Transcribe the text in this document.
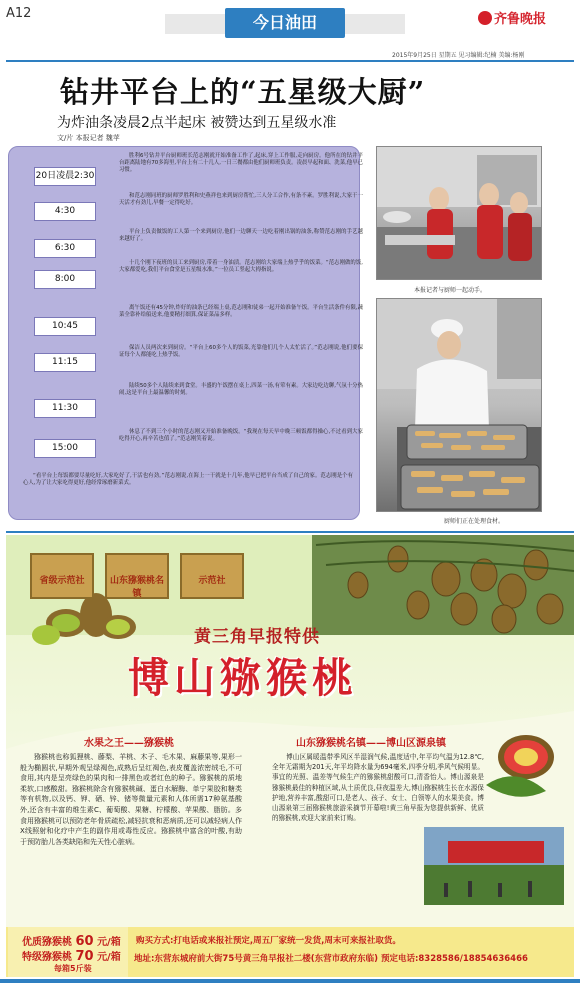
A12	今日油田	齐鲁晚报
2015年9月25日 星期五 见习编辑:纪楠 美编:杨刚
钻井平台上的“五星级大厨”
为炸油条凌晨2点半起床 被赞达到五星级水准
文/片 本报记者 魏苹
20日凌晨2:30
胜利6号钻井平台厨师班长范志刚就开始准备工作了,起床,穿上工作服,走向厨房。他所在的钻井平台距离陆地有70多海里,平台上有二十几人,一日三餐都由他们厨师班负责。凌晨早起和面、洗菜,他早已习惯。
4:30
和范志刚同班的厨师罗胜利和史燕祥也来到厨房帮忙,三人分工合作,有条不紊。罗胜利说,大家干一天活才有劲儿,早餐一定得吃好。
6:30
平台上负责做饭的工人第一个来到厨房,他们一边聊天一边吃着刚出锅的油条,称赞范志刚的手艺越来越好了。
8:00
十几个刚下夜班的员工来到厨房,带着一身油渍。范志刚给大家端上热乎乎的饭菜。“范志刚做的饭,大家都爱吃,我们平台食堂是五星级水准。”一位员工竖起大拇指说。
10:45
离午饭还有45分钟,炸好的油条已经端上桌,范志刚和徒弟一起开始准备午饭。平台生活条件有限,蔬菜全靠补给船送来,他要精打细算,保证菜品多样。
11:15
保洁人员两次来到厨房。“平台上60多个人的饭菜,光靠他们几个人太忙活了。”范志刚说,他们要保证每个人都能吃上热乎饭。
11:30
陆续50多个人陆续来到食堂。丰盛的午饭摆在桌上,四菜一汤,有荤有素。大家边吃边聊,气氛十分热闹,这是平台上最温馨的时刻。
15:00
休息了不到三个小时的范志刚又开始准备晚饭。“我现在每天早中晚三顿饭都得操心,不过看到大家吃得开心,再辛苦也值了。”范志刚笑着说。
“看平台上每饭都要尽量吃好,大家吃好了,干活也有劲。”范志刚说,在海上一干就是十几年,他早已把平台当成了自己的家。范志刚是个有心人,为了让大家吃得更好,他经常琢磨新菜式。
本报记者与厨师一起动手。
厨师们正在处理食材。
省级示范社	山东猕猴桃名镇
示范社
黄三角早报特供
博山猕猴桃
水果之王——猕猴桃
猕猴桃也称狐狸桃、藤梨、羊桃、木子、毛木果、麻藤果等,果形一般为椭圆状,早期外观呈绿褐色,成熟后呈红褐色,表皮覆盖浓密绒毛,不可食用,其内是呈亮绿色的果肉和一排黑色或者红色的种子。猕猴桃的质地柔软,口感酸甜。猕猴桃除含有猕猴桃碱、蛋白水解酶、单宁果胶和糖类等有机物,以及钙、钾、硒、锌、锗等微量元素和人体所需17种氨基酸外,还含有丰富的维生素C、葡萄酸、果糖、柠檬酸、苹果酸、脂肪。多食用猕猴桃可以预防老年骨质疏松,减轻抗衰和恶病质,还可以减轻病人作X线照射和化疗中产生的副作用或毒性反应。猕猴桃中富含的叶酸,有助于预防胎儿各类缺陷和先天性心脏病。
山东猕猴桃名镇——博山区源泉镇
博山区属暖温带季风区半湿润气候,温度适中,年平均气温为12.8℃,全年无霜期为201天,年平均降水量为694毫米,四季分明,季风气候明显。事宜的光照、温差等气候生产的猕猴桃甜酸可口,清香怡人。博山源泉是猕猴桃最佳的种植区域,从土质优良,昼夜温差大,博山猕猴桃生长在水源保护地,营养丰富,酸甜可口,是老人、孩子、女士、白领等人的水果美食。博山源泉第三届猕猴桃旅游采摘节开幕啦!黄三角早报为您提供新鲜、优质的猕猴桃,欢迎大家前来订购。
优质猕猴桃 60 元/箱
特级猕猴桃 70 元/箱
每箱5斤装
购买方式:打电话或来报社预定,周五厂家统一发货,周末可来报社取货。
地址:东营东城府前大街75号黄三角早报社二楼(东营市政府东临) 预定电话:8328586/18854636466
